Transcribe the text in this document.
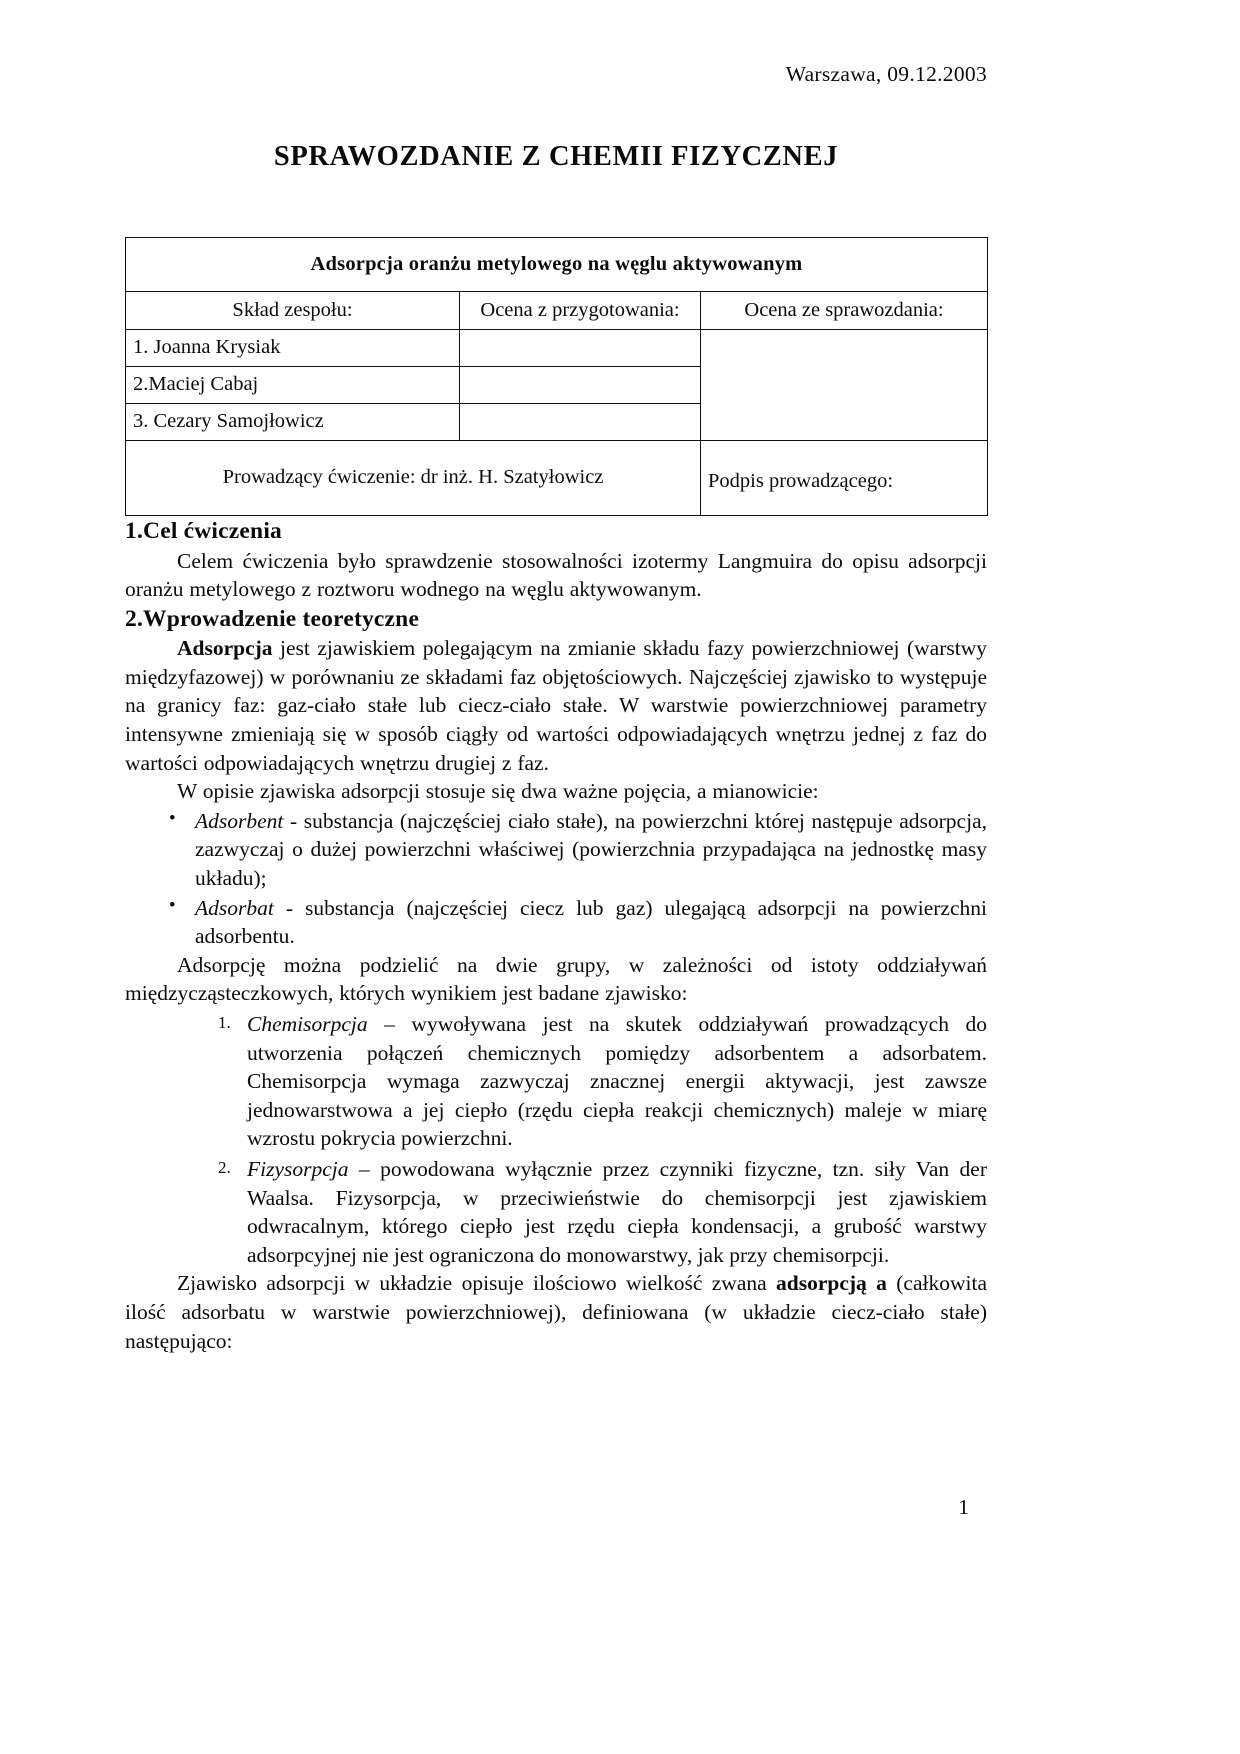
Warszawa, 09.12.2003
SPRAWOZDANIE Z CHEMII FIZYCZNEJ
Adsorpcja oranżu metylowego na węglu aktywowanym		
Skład zespołu:	Ocena z przygotowania:	Ocena ze sprawozdania:
1. Joanna Krysiak		
2.Maciej Cabaj		
3. Cezary Samojłowicz		
Prowadzący ćwiczenie: dr inż. H. Szatyłowicz		Podpis prowadzącego:
1.Cel ćwiczenia

Celem ćwiczenia było sprawdzenie stosowalności izotermy Langmuira do opisu adsorpcji oranżu metylowego z roztworu wodnego na węglu aktywowanym.

2.Wprowadzenie teoretyczne

Adsorpcja jest zjawiskiem polegającym na zmianie składu fazy powierzchniowej (warstwy międzyfazowej) w porównaniu ze składami faz objętościowych. Najczęściej zjawisko to występuje na granicy faz: gaz-ciało stałe lub ciecz-ciało stałe. W warstwie powierzchniowej parametry intensywne zmieniają się w sposób ciągły od wartości odpowiadających wnętrzu jednej z faz do wartości odpowiadających wnętrzu drugiej z faz.

W opisie zjawiska adsorpcji stosuje się dwa ważne pojęcia, a mianowicie:

• Adsorbent - substancja (najczęściej ciało stałe), na powierzchni której następuje adsorpcja, zazwyczaj o dużej powierzchni właściwej (powierzchnia przypadająca na jednostkę masy układu);
• Adsorbat - substancja (najczęściej ciecz lub gaz) ulegającą adsorpcji na powierzchni adsorbentu.

Adsorpcję można podzielić na dwie grupy, w zależności od istoty oddziaływań międzycząsteczkowych, których wynikiem jest badane zjawisko:

Chemisorpcja – wywoływana jest na skutek oddziaływań prowadzących do utworzenia połączeń chemicznych pomiędzy adsorbentem a adsorbatem. Chemisorpcja wymaga zazwyczaj znacznej energii aktywacji, jest zawsze jednowarstwowa a jej ciepło (rzędu ciepła reakcji chemicznych) maleje w miarę wzrostu pokrycia powierzchni.
Fizysorpcja – powodowana wyłącznie przez czynniki fizyczne, tzn. siły Van der Waalsa. Fizysorpcja, w przeciwieństwie do chemisorpcji jest zjawiskiem odwracalnym, którego ciepło jest rzędu ciepła kondensacji, a grubość warstwy adsorpcyjnej nie jest ograniczona do monowarstwy, jak przy chemisorpcji.

Zjawisko adsorpcji w układzie opisuje ilościowo wielkość zwana adsorpcją a (całkowita ilość adsorbatu w warstwie powierzchniowej), definiowana (w układzie ciecz-ciało stałe) następująco:

1
